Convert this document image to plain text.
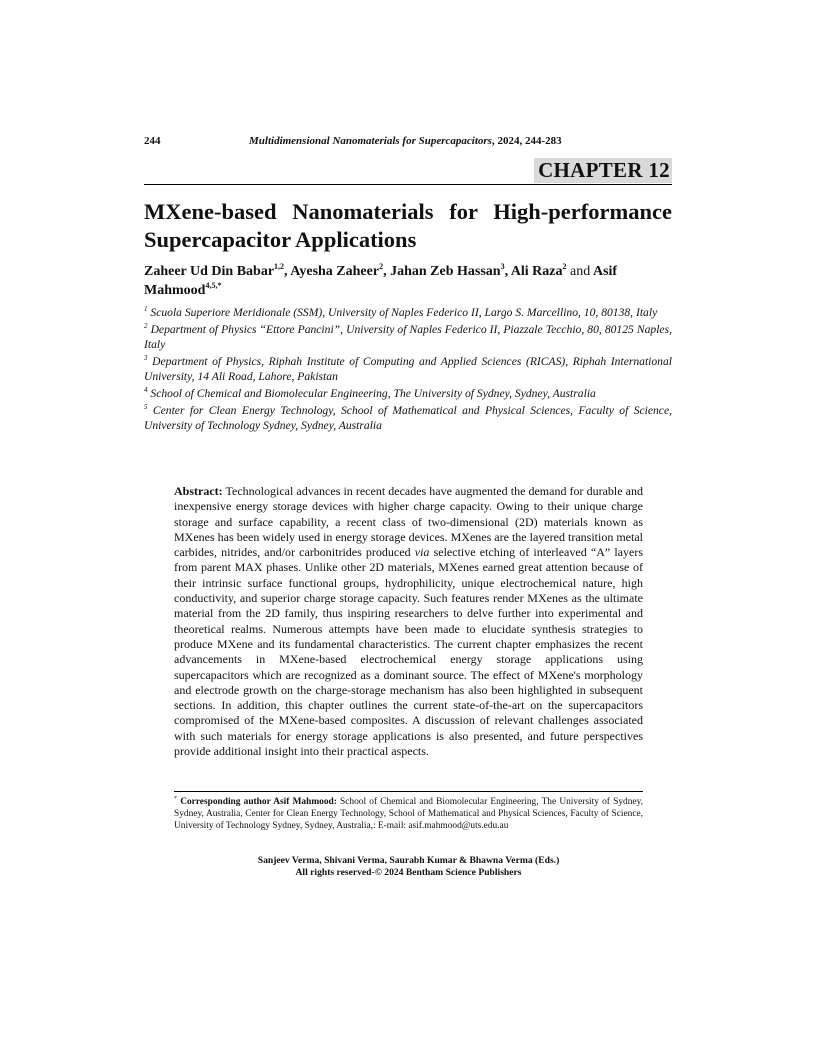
244	Multidimensional Nanomaterials for Supercapacitors, 2024, 244-283
CHAPTER 12
MXene-based Nanomaterials for High-performance Supercapacitor Applications
Zaheer Ud Din Babar$^{1,2}$, Ayesha Zaheer$^2$, Jahan Zeb Hassan$^3$, Ali Raza$^2$ and Asif Mahmood$^{4,5,*}$

$^1$ Scuola Superiore Meridionale (SSM), University of Naples Federico II, Largo S. Marcellino, 10, 80138, Italy

$^2$ Department of Physics “Ettore Pancini”, University of Naples Federico II, Piazzale Tecchio, 80, 80125 Naples, Italy

$^3$ Department of Physics, Riphah Institute of Computing and Applied Sciences (RICAS), Riphah International University, 14 Ali Road, Lahore, Pakistan

$^4$ School of Chemical and Biomolecular Engineering, The University of Sydney, Sydney, Australia

$^5$ Center for Clean Energy Technology, School of Mathematical and Physical Sciences, Faculty of Science, University of Technology Sydney, Sydney, Australia

Abstract: Technological advances in recent decades have augmented the demand for durable and inexpensive energy storage devices with higher charge capacity. Owing to their unique charge storage and surface capability, a recent class of two-dimensional (2D) materials known as MXenes has been widely used in energy storage devices. MXenes are the layered transition metal carbides, nitrides, and/or carbonitrides produced via selective etching of interleaved “A” layers from parent MAX phases. Unlike other 2D materials, MXenes earned great attention because of their intrinsic surface functional groups, hydrophilicity, unique electrochemical nature, high conductivity, and superior charge storage capacity. Such features render MXenes as the ultimate material from the 2D family, thus inspiring researchers to delve further into experimental and theoretical realms. Numerous attempts have been made to elucidate synthesis strategies to produce MXene and its fundamental characteristics. The current chapter emphasizes the recent advancements in MXene-based electrochemical energy storage applications using supercapacitors which are recognized as a dominant source. The effect of MXene's morphology and electrode growth on the charge-storage mechanism has also been highlighted in subsequent sections. In addition, this chapter outlines the current state-of-the-art on the supercapacitors compromised of the MXene-based composites. A discussion of relevant challenges associated with such materials for energy storage applications is also presented, and future perspectives provide additional insight into their practical aspects.
* Corresponding author Asif Mahmood: School of Chemical and Biomolecular Engineering, The University of Sydney, Sydney, Australia, Center for Clean Energy Technology, School of Mathematical and Physical Sciences, Faculty of Science, University of Technology Sydney, Sydney, Australia,: E-mail: asif.mahmood@uts.edu.au
Sanjeev Verma, Shivani Verma, Saurabh Kumar & Bhawna Verma (Eds.)
All rights reserved-© 2024 Bentham Science Publishers
